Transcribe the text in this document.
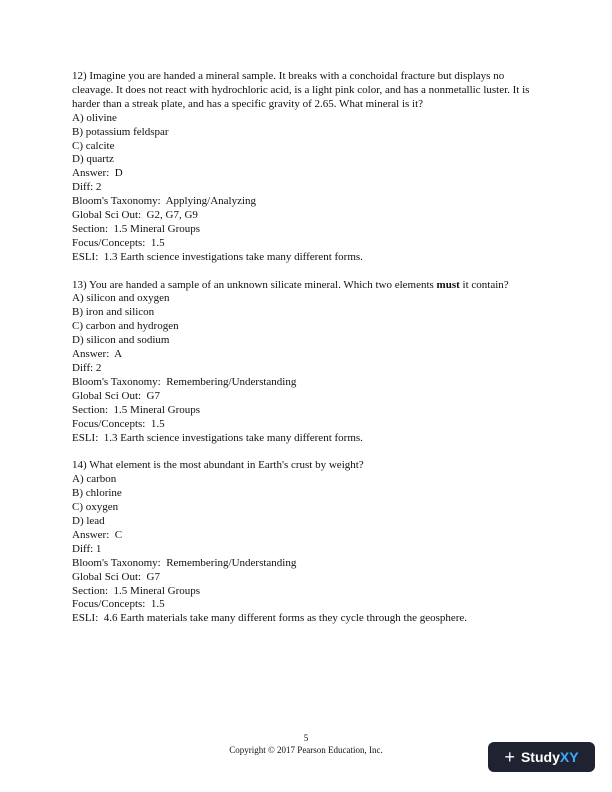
12) Imagine you are handed a mineral sample. It breaks with a conchoidal fracture but displays no cleavage. It does not react with hydrochloric acid, is a light pink color, and has a nonmetallic luster. It is harder than a streak plate, and has a specific gravity of 2.65. What mineral is it?
A) olivine
B) potassium feldspar
C) calcite
D) quartz
Answer:  D
Diff: 2
Bloom's Taxonomy:  Applying/Analyzing
Global Sci Out:  G2, G7, G9
Section:  1.5 Mineral Groups
Focus/Concepts:  1.5
ESLI:  1.3 Earth science investigations take many different forms.
13) You are handed a sample of an unknown silicate mineral. Which two elements must it contain?
A) silicon and oxygen
B) iron and silicon
C) carbon and hydrogen
D) silicon and sodium
Answer:  A
Diff: 2
Bloom's Taxonomy:  Remembering/Understanding
Global Sci Out:  G7
Section:  1.5 Mineral Groups
Focus/Concepts:  1.5
ESLI:  1.3 Earth science investigations take many different forms.
14) What element is the most abundant in Earth's crust by weight?
A) carbon
B) chlorine
C) oxygen
D) lead
Answer:  C
Diff: 1
Bloom's Taxonomy:  Remembering/Understanding
Global Sci Out:  G7
Section:  1.5 Mineral Groups
Focus/Concepts:  1.5
ESLI:  4.6 Earth materials take many different forms as they cycle through the geosphere.
5
Copyright © 2017 Pearson Education, Inc.	+ StudyXY
